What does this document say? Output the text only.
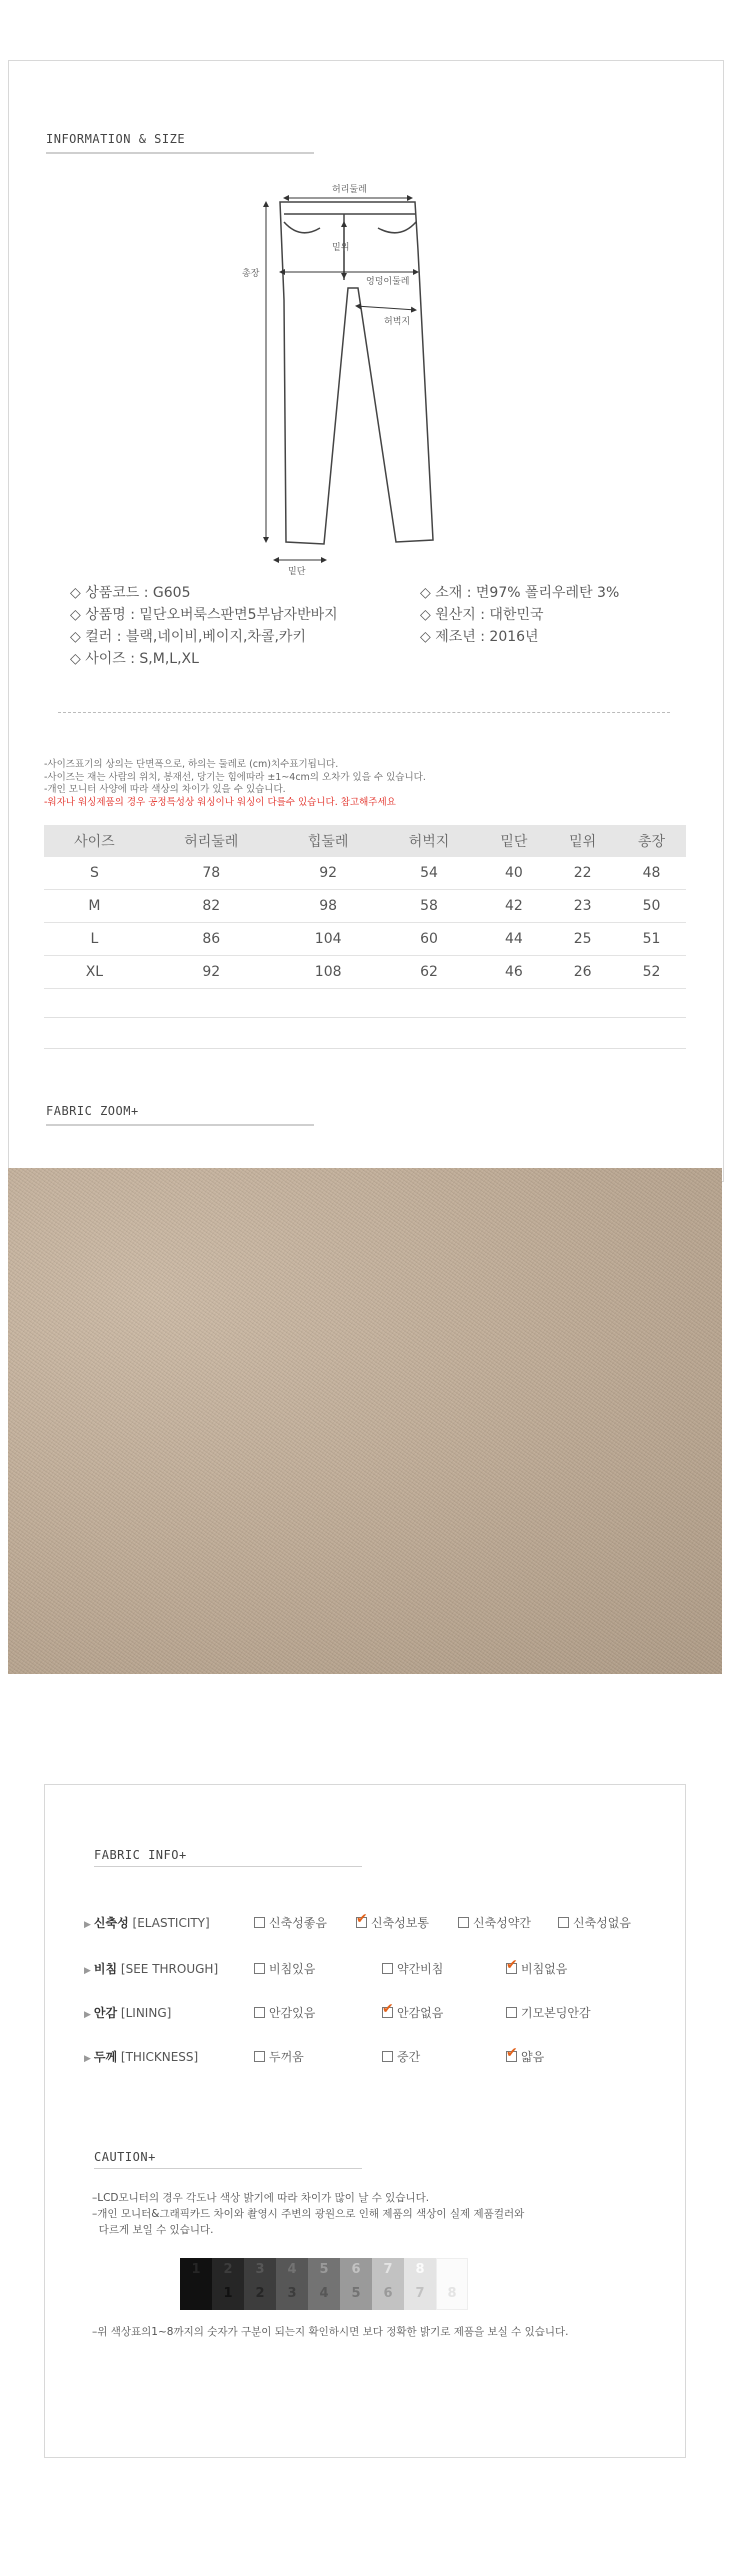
INFORMATION & SIZE
허리둘레
밑위
엉덩이둘레
총장
허벅지
밑단
◇ 상품코드 : G605
◇ 상품명 : 밑단오버룩스판면5부남자반바지
◇ 컬러 : 블랙,네이비,베이지,차콜,카키
◇ 사이즈 : S,M,L,XL
◇ 소재 : 면97% 폴리우레탄 3%
◇ 원산지 : 대한민국
◇ 제조년 : 2016년
-사이즈표기의 상의는 단면폭으로, 하의는 둘레로 (cm)치수표기됩니다.
-사이즈는 재는 사람의 위치, 봉재선, 당기는 힘에따라 ±1~4cm의 오차가 있을 수 있습니다.
-개인 모니터 사양에 따라 색상의 차이가 있을 수 있습니다.
-워자나 워싱제품의 경우 공정특성상 워싱이나 워싱이 다를수 있습니다. 참고해주세요
사이즈	허리둘레	힙둘레	허벅지	밑단	밑위	총장
S	78	92	54	40	22	48
M	82	98	58	42	23	50
L	86	104	60	44	25	51
XL	92	108	62	46	26	52
FABRIC ZOOM+
FABRIC INFO+
▶ 신축성 [ELASTICITY]	신축성좋음 ✔ 신축성보통	신축성약간	신축성없음
▶ 비침 [SEE THROUGH]	비침있음	약간비침	✔ 비침없음
▶ 안감 [LINING]	안감있음	✔ 안감없음	기모본딩안감
▶ 두께 [THICKNESS]	두꺼움	중간	✔ 얇음
CAUTION+
–LCD모니터의 경우 각도나 색상 밝기에 따라 차이가 많이 날 수 있습니다.
–개인 모니터&그래픽카드 차이와 촬영시 주변의 광원으로 인해 제품의 색상이 실제 제품컬러와
다르게 보일 수 있습니다.
1	2	3	4	5	6	7	8
1	2	3	4	5	6	7	8
–위 색상표의1~8까지의 숫자가 구분이 되는지 확인하시면 보다 정확한 밝기로 제품을 보실 수 있습니다.
